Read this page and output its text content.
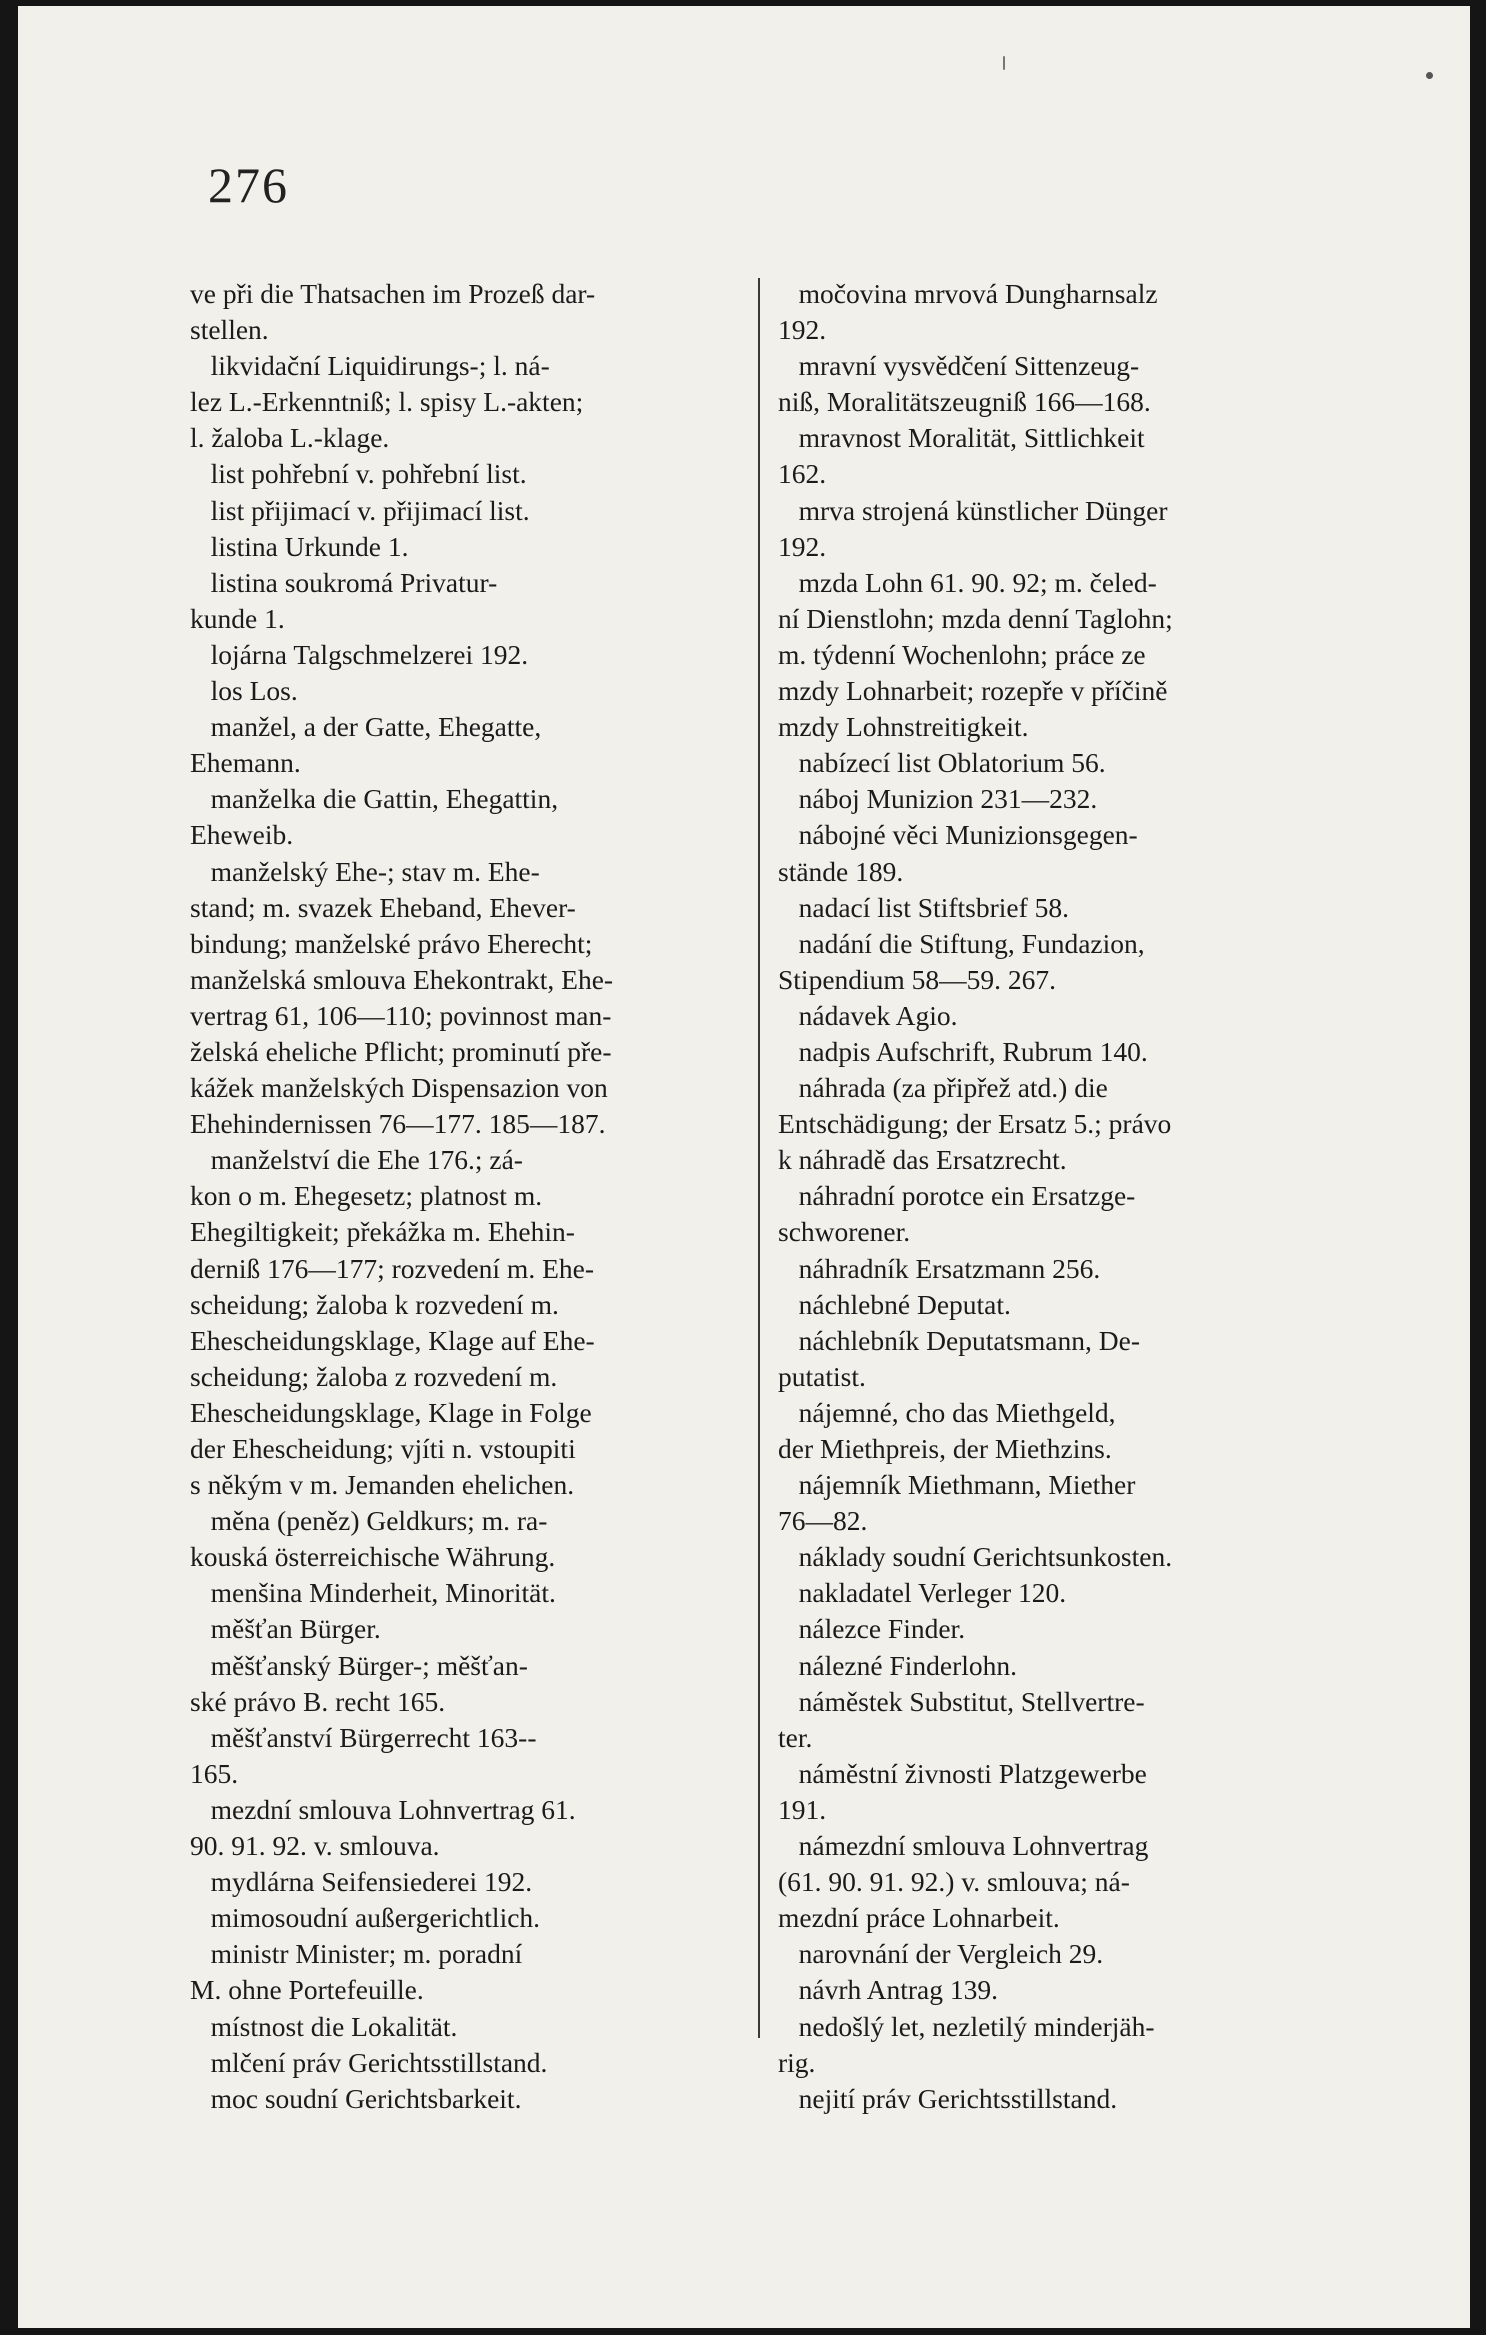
276
ve při die Thatsachen im Prozeß dar-
stellen.
likvidační Liquidirungs-; l. ná-
lez L.-Erkenntniß; l. spisy L.-akten;
l. žaloba L.-klage.
list pohřební v. pohřební list.
list přijimací v. přijimací list.
listina Urkunde 1.
listina soukromá Privatur-
kunde 1.
lojárna Talgschmelzerei 192.
los Los.
manžel, a der Gatte, Ehegatte,
Ehemann.
manželka die Gattin, Ehegattin,
Eheweib.
manželský Ehe-; stav m. Ehe-
stand; m. svazek Eheband, Ehever-
bindung; manželské právo Eherecht;
manželská smlouva Ehekontrakt, Ehe-
vertrag 61, 106—110; povinnost man-
želská eheliche Pflicht; prominutí pře-
kážek manželských Dispensazion von
Ehehindernissen 76—177. 185—187.
manželství die Ehe 176.; zá-
kon o m. Ehegesetz; platnost m.
Ehegiltigkeit; překážka m. Ehehin-
derniß 176—177; rozvedení m. Ehe-
scheidung; žaloba k rozvedení m.
Ehescheidungsklage, Klage auf Ehe-
scheidung; žaloba z rozvedení m.
Ehescheidungsklage, Klage in Folge
der Ehescheidung; vjíti n. vstoupiti
s někým v m. Jemanden ehelichen.
měna (peněz) Geldkurs; m. ra-
kouská österreichische Währung.
menšina Minderheit, Minorität.
měšťan Bürger.
měšťanský Bürger-; měšťan-
ské právo B. recht 165.
měšťanství Bürgerrecht 163--
165.
mezdní smlouva Lohnvertrag 61.
90. 91. 92. v. smlouva.
mydlárna Seifensiederei 192.
mimosoudní außergerichtlich.
ministr Minister; m. poradní
M. ohne Portefeuille.
místnost die Lokalität.
mlčení práv Gerichtsstillstand.
moc soudní Gerichtsbarkeit.
močovina mrvová Dungharnsalz
192.
mravní vysvědčení Sittenzeug-
niß, Moralitätszeugniß 166—168.
mravnost Moralität, Sittlichkeit
162.
mrva strojená künstlicher Dünger
192.
mzda Lohn 61. 90. 92; m. čeled-
ní Dienstlohn; mzda denní Taglohn;
m. týdenní Wochenlohn; práce ze
mzdy Lohnarbeit; rozepře v příčině
mzdy Lohnstreitigkeit.
nabízecí list Oblatorium 56.
náboj Munizion 231—232.
nábojné věci Munizionsgegen-
stände 189.
nadací list Stiftsbrief 58.
nadání die Stiftung, Fundazion,
Stipendium 58—59. 267.
nádavek Agio.
nadpis Aufschrift, Rubrum 140.
náhrada (za připřež atd.) die
Entschädigung; der Ersatz 5.; právo
k náhradě das Ersatzrecht.
náhradní porotce ein Ersatzge-
schworener.
náhradník Ersatzmann 256.
náchlebné Deputat.
náchlebník Deputatsmann, De-
putatist.
nájemné, cho das Miethgeld,
der Miethpreis, der Miethzins.
nájemník Miethmann, Miether
76—82.
náklady soudní Gerichtsunkosten.
nakladatel Verleger 120.
nálezce Finder.
nálezné Finderlohn.
náměstek Substitut, Stellvertre-
ter.
náměstní živnosti Platzgewerbe
191.
námezdní smlouva Lohnvertrag
(61. 90. 91. 92.) v. smlouva; ná-
mezdní práce Lohnarbeit.
narovnání der Vergleich 29.
návrh Antrag 139.
nedošlý let, nezletilý minderjäh-
rig.
nejití práv Gerichtsstillstand.
